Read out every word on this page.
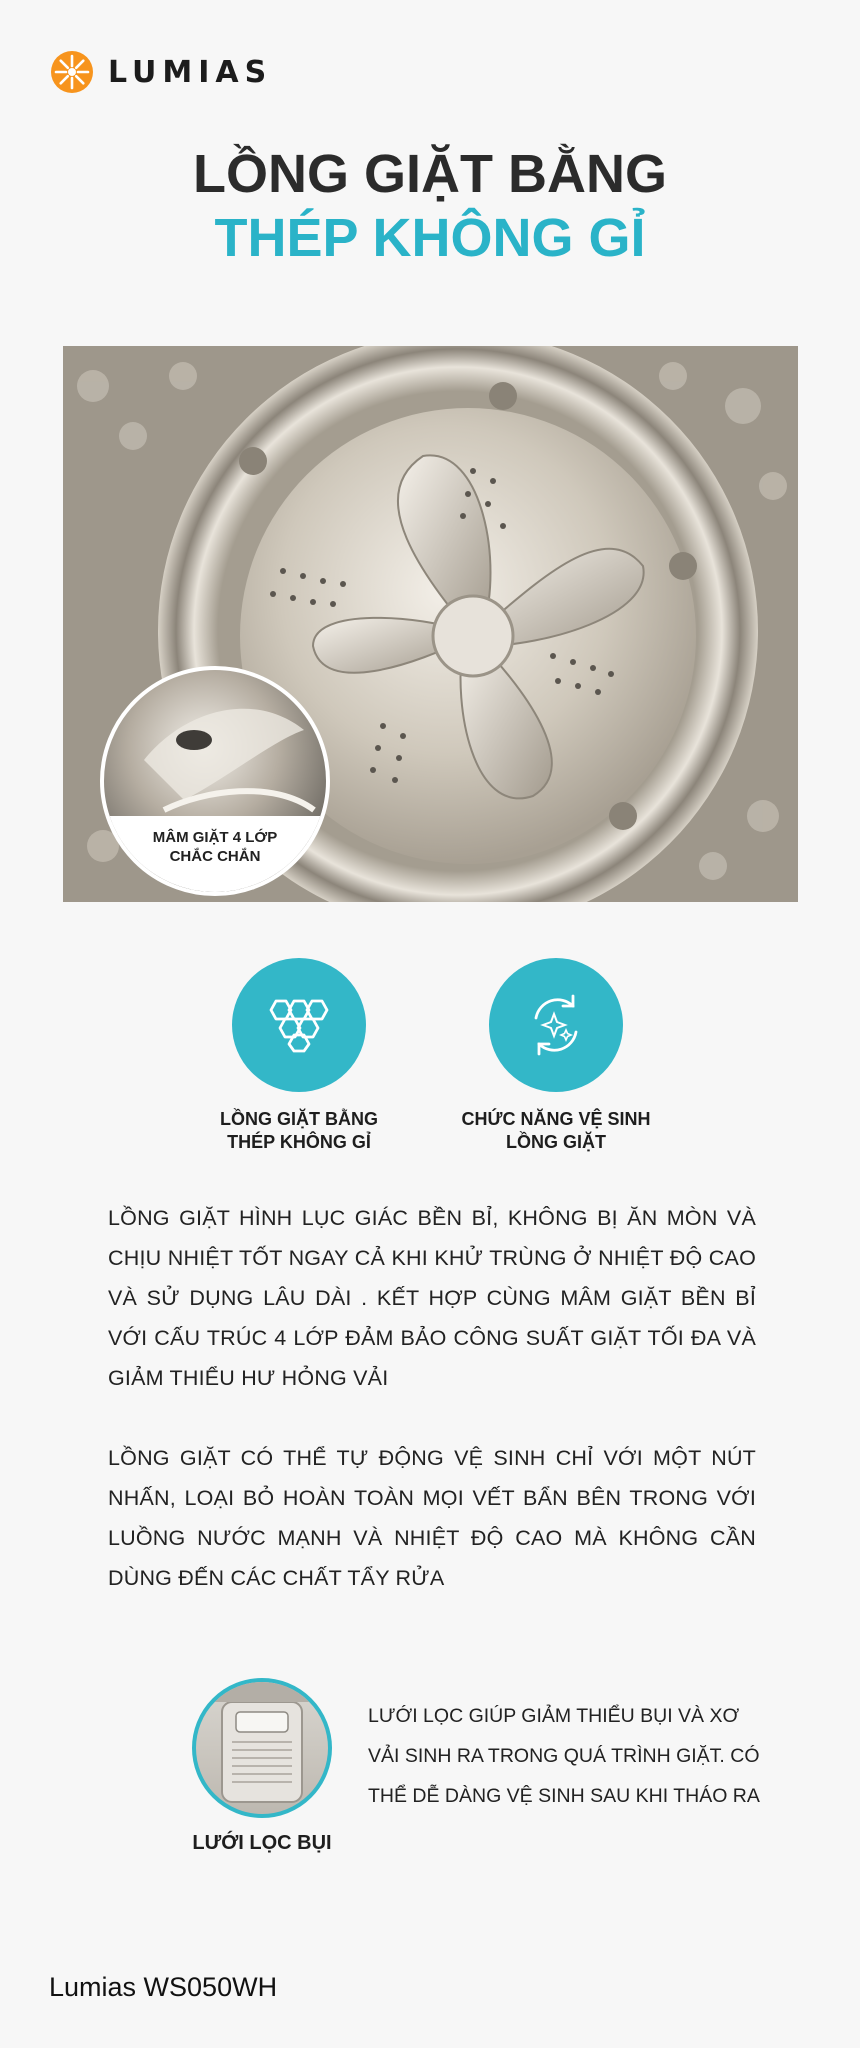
LUMIAS
LỒNG GIẶT BẰNG
THÉP KHÔNG GỈ
MÂM GIẶT 4 LỚP
CHẮC CHẮN
LỒNG GIẶT BẰNG
THÉP KHÔNG GỈ
CHỨC NĂNG VỆ SINH
LỒNG GIẶT

LỒNG GIẶT HÌNH LỤC GIÁC BỀN BỈ, KHÔNG BỊ ĂN MÒN VÀ CHỊU NHIỆT TỐT NGAY CẢ KHI KHỬ TRÙNG Ở NHIỆT ĐỘ CAO VÀ SỬ DỤNG LÂU DÀI . KẾT HỢP CÙNG MÂM GIẶT BỀN BỈ VỚI CẤU TRÚC 4 LỚP ĐẢM BẢO CÔNG SUẤT GIẶT TỐI ĐA VÀ GIẢM THIỂU HƯ HỎNG VẢI

LỒNG GIẶT CÓ THỂ TỰ ĐỘNG VỆ SINH CHỈ VỚI MỘT NÚT NHẤN, LOẠI BỎ HOÀN TOÀN MỌI VẾT BẨN BÊN TRONG VỚI LUỒNG NƯỚC MẠNH VÀ NHIỆT ĐỘ CAO MÀ KHÔNG CẦN DÙNG ĐẾN CÁC CHẤT TẨY RỬA

LƯỚI LỌC BỤI

LƯỚI LỌC GIÚP GIẢM THIỂU BỤI VÀ XƠ VẢI SINH RA TRONG QUÁ TRÌNH GIẶT. CÓ THỂ DỄ DÀNG VỆ SINH SAU KHI THÁO RA

Lumias WS050WH
